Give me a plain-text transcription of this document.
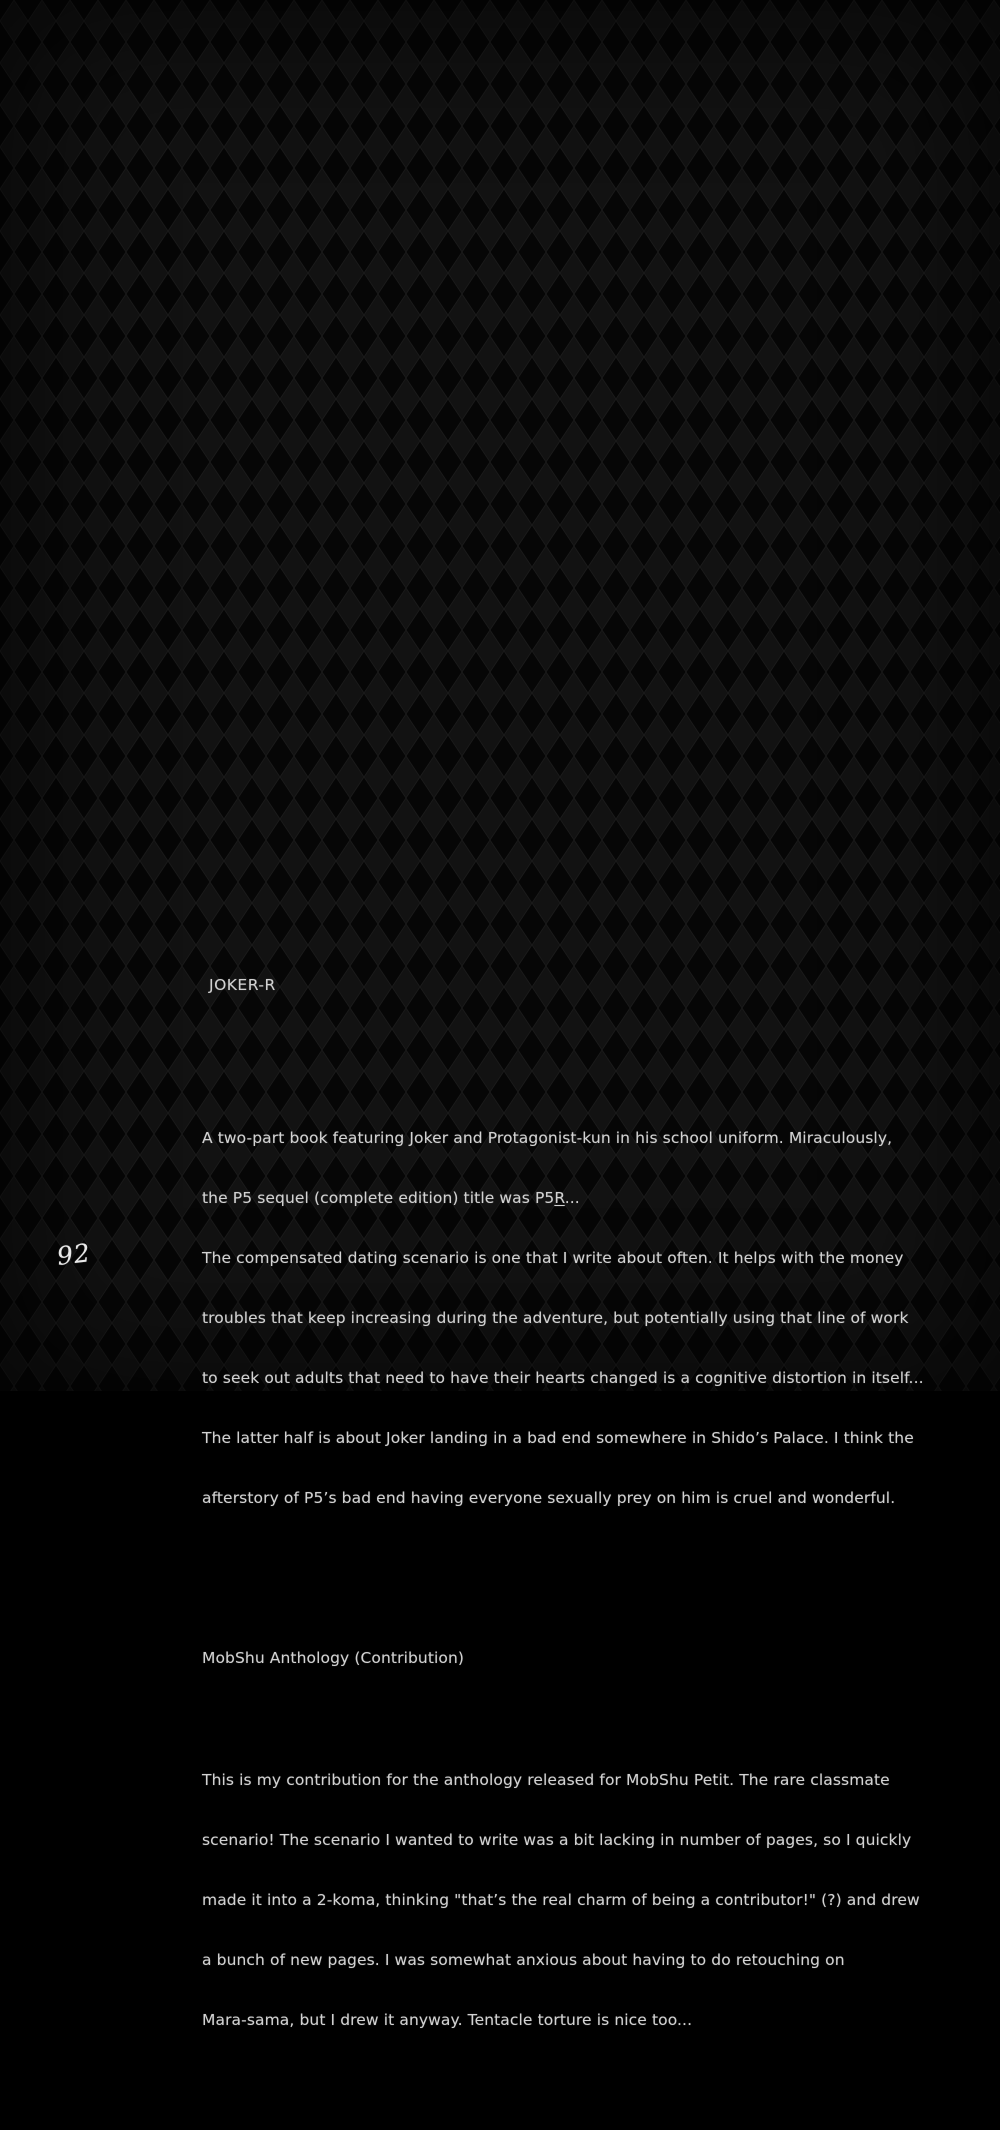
JOKER-R

A two-part book featuring Joker and Protagonist-kun in his school uniform. Miraculously,

the P5 sequel (complete edition) title was P5R...

The compensated dating scenario is one that I write about often. It helps with the money

troubles that keep increasing during the adventure, but potentially using that line of work

to seek out adults that need to have their hearts changed is a cognitive distortion in itself...

The latter half is about Joker landing in a bad end somewhere in Shido’s Palace. I think the

afterstory of P5’s bad end having everyone sexually prey on him is cruel and wonderful.

MobShu Anthology (Contribution)

This is my contribution for the anthology released for MobShu Petit. The rare classmate

scenario! The scenario I wanted to write was a bit lacking in number of pages, so I quickly

made it into a 2-koma, thinking "that’s the real charm of being a contributor!" (?) and drew

a bunch of new pages. I was somewhat anxious about having to do retouching on

Mara-sama, but I drew it anyway. Tentacle torture is nice too...

92
